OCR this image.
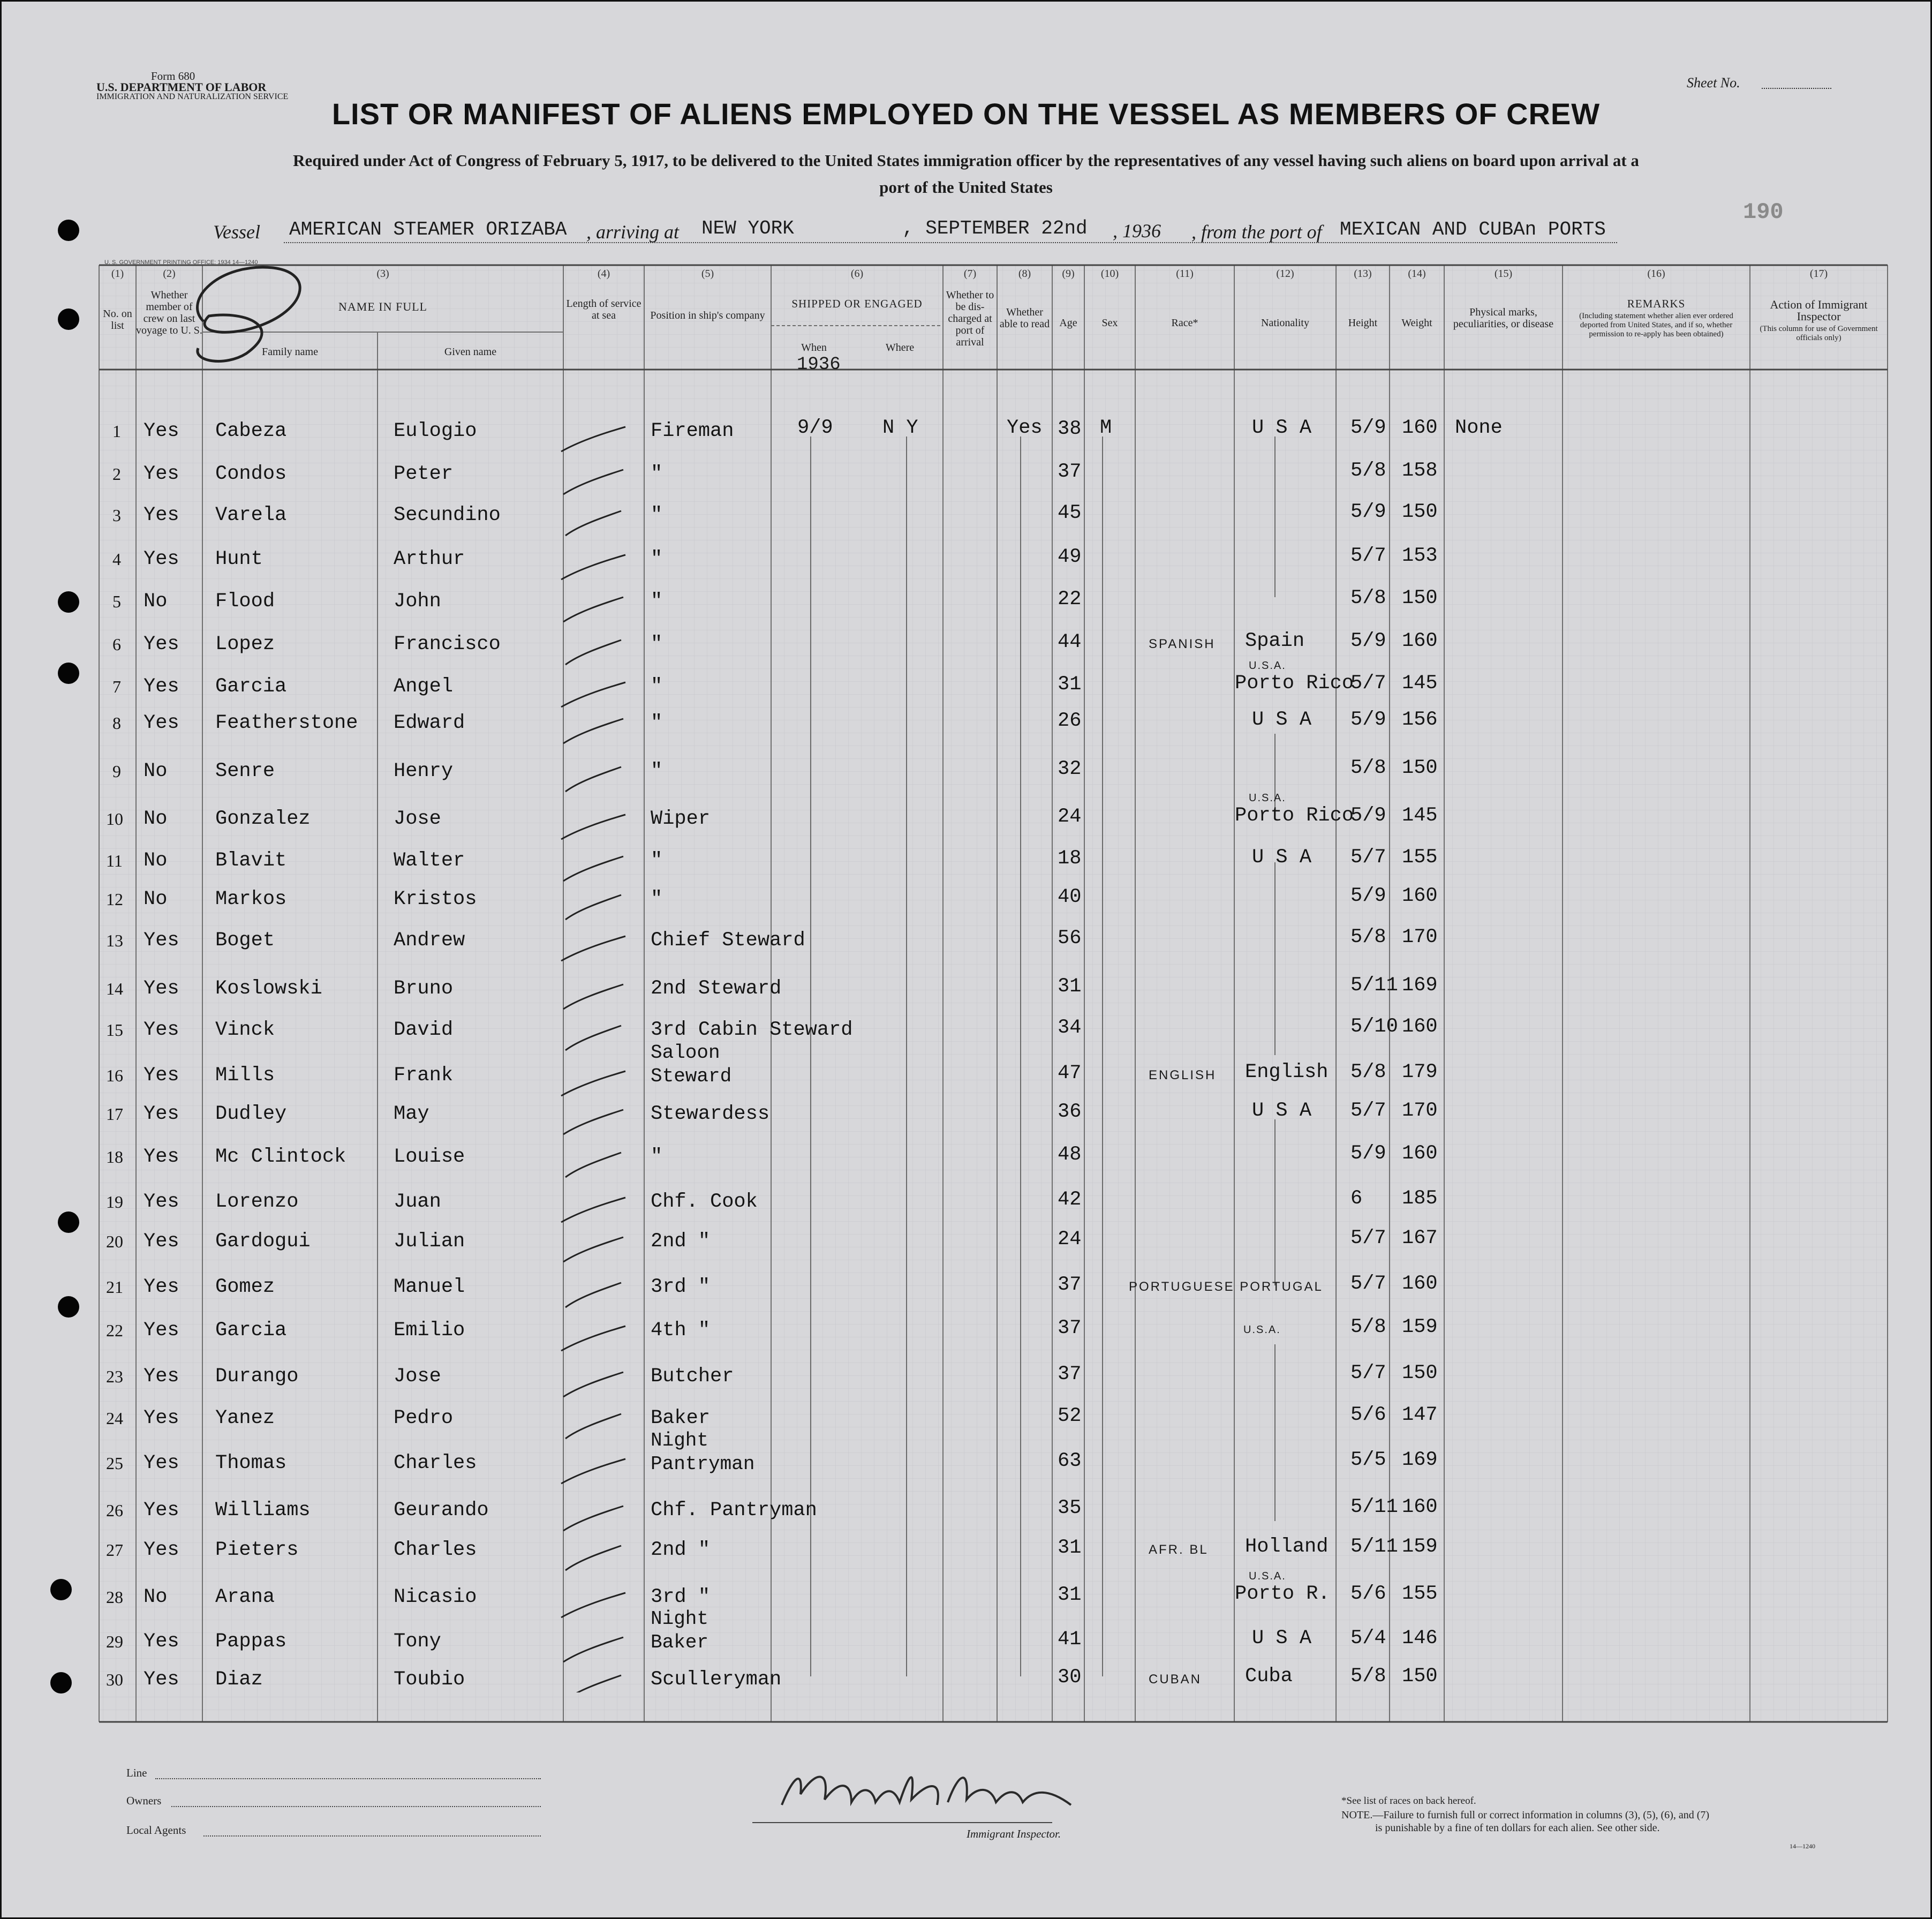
Form 680
U.S. DEPARTMENT OF LABOR
IMMIGRATION AND NATURALIZATION SERVICE
Sheet No.
LIST OR MANIFEST OF ALIENS EMPLOYED ON THE VESSEL AS MEMBERS OF CREW
Required under Act of Congress of February 5, 1917, to be delivered to the United States immigration officer by the representatives of any vessel having such aliens on board upon arrival at a
port of the United States
190
Vessel AMERICAN STEAMER ORIZABA , arriving at NEW YORK	, SEPTEMBER 22nd , 1936 , from the port of MEXICAN AND CUBAn PORTS
U. S. GOVERNMENT PRINTING OFFICE: 1934 14—1240
(1)	(2)	(3)	(4)	(5)	(6)	(7)	(8)	(9)	(10)	(11)	(12)	(13)	(14)	(15)	(16)	(17)
No. on list
Whether member of crew on last voyage to U. S.
NAME IN FULL
Family name	Given name
Length of service at sea	Position in ship's company
SHIPPED OR ENGAGED
When	Where
1936
Whether to be dis- charged at port of arrival
Whether able to read Age	Sex	Race*	Nationality	Height	Weight
Physical marks, peculiarities, or disease
REMARKS
(Including statement whether alien ever ordered deported from United States, and if so, whether permission to re-apply has been obtained)
Action of Immigrant Inspector
(This column for use of Government officials only)
1 Yes Cabeza	Eulogio	Fireman	9/9 N Y	Yes 38 M	U S A 5/9 160 None
2 Yes Condos	Peter	"	37	5/8 158
3 Yes Varela	Secundino	"	45	5/9 150
4 Yes Hunt	Arthur	"	49	5/7 153
5 No Flood	John	"	22	5/8 150
6 Yes Lopez	Francisco	"	44	SPANISH Spain 5/9 160
7 Yes Garcia	Angel	"	31
U.S.A.
Porto Rico
5/7 145
8 Yes Featherstone Edward	"	26	U S A 5/9 156
9 No Senre	Henry	"	32	5/8 150
10 No Gonzalez	Jose	Wiper	24
U.S.A.
Porto Rico
5/9 145
11 No Blavit	Walter	"	18	U S A 5/7 155
12 No Markos	Kristos	"	40	5/9 160
13 Yes Boget	Andrew	Chief Steward	56	5/8 170
14 Yes Koslowski	Bruno	2nd Steward	31	5/11 169
15 Yes Vinck	David	3rd Cabin Steward	34	5/10 160
16 Yes Mills	Frank
Saloon
Steward	47	ENGLISH English 5/8 179
17 Yes Dudley	May	Stewardess	36	U S A 5/7 170
18 Yes Mc Clintock Louise	"	48	5/9 160
19 Yes Lorenzo	Juan	Chf. Cook	42	6 185
20 Yes Gardogui	Julian	2nd "	24	5/7 167
21 Yes Gomez	Manuel	3rd "	37	PORTUGUESE PORTUGAL 5/7 160
22 Yes Garcia	Emilio	4th "	37	U.S.A.	5/8 159
23 Yes Durango	Jose	Butcher	37	5/7 150
24 Yes Yanez	Pedro	Baker	52	5/6 147
25 Yes Thomas	Charles
Night
Pantryman	63	5/5 169
26 Yes Williams	Geurando	Chf. Pantryman	35	5/11 160
27 Yes Pieters	Charles	2nd "	31	AFR. BL Holland 5/11 159
28 No Arana	Nicasio	3rd "	31
U.S.A.
Porto R. 5/6 155
29 Yes Pappas	Tony
Night
Baker	41	U S A 5/4 146
30 Yes Diaz	Toubio	Sculleryman	30	CUBAN Cuba	5/8 150
Line
Owners
Local Agents	Immigrant Inspector.
*See list of races on back hereof.
NOTE.—Failure to furnish full or correct information in columns (3), (5), (6), and (7)
is punishable by a fine of ten dollars for each alien. See other side.
14—1240
